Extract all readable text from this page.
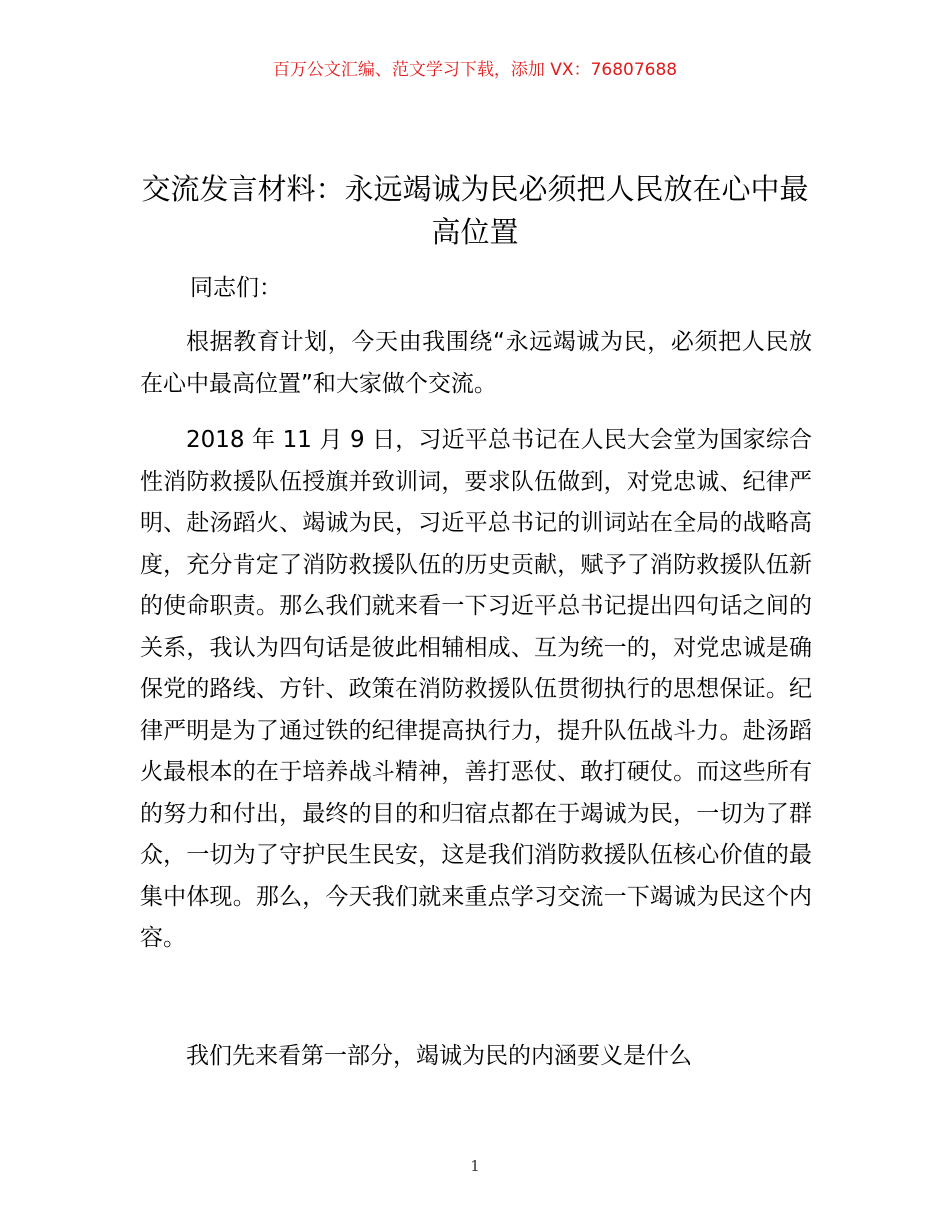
百万公文汇编、范文学习下载，添加 VX：76807688
交流发言材料：永远竭诚为民必须把人民放在心中最高位置

同志们：

根据教育计划，今天由我围绕“永远竭诚为民，必须把人民放在心中最高位置”和大家做个交流。

2018 年 11 月 9 日，习近平总书记在人民大会堂为国家综合性消防救援队伍授旗并致训词，要求队伍做到，对党忠诚、纪律严明、赴汤蹈火、竭诚为民，习近平总书记的训词站在全局的战略高度，充分肯定了消防救援队伍的历史贡献，赋予了消防救援队伍新的使命职责。那么我们就来看一下习近平总书记提出四句话之间的关系，我认为四句话是彼此相辅相成、互为统一的，对党忠诚是确保党的路线、方针、政策在消防救援队伍贯彻执行的思想保证。纪律严明是为了通过铁的纪律提高执行力，提升队伍战斗力。赴汤蹈火最根本的在于培养战斗精神，善打恶仗、敢打硬仗。而这些所有的努力和付出，最终的目的和归宿点都在于竭诚为民，一切为了群众，一切为了守护民生民安，这是我们消防救援队伍核心价值的最集中体现。那么，今天我们就来重点学习交流一下竭诚为民这个内容。

我们先来看第一部分，竭诚为民的内涵要义是什么

1
